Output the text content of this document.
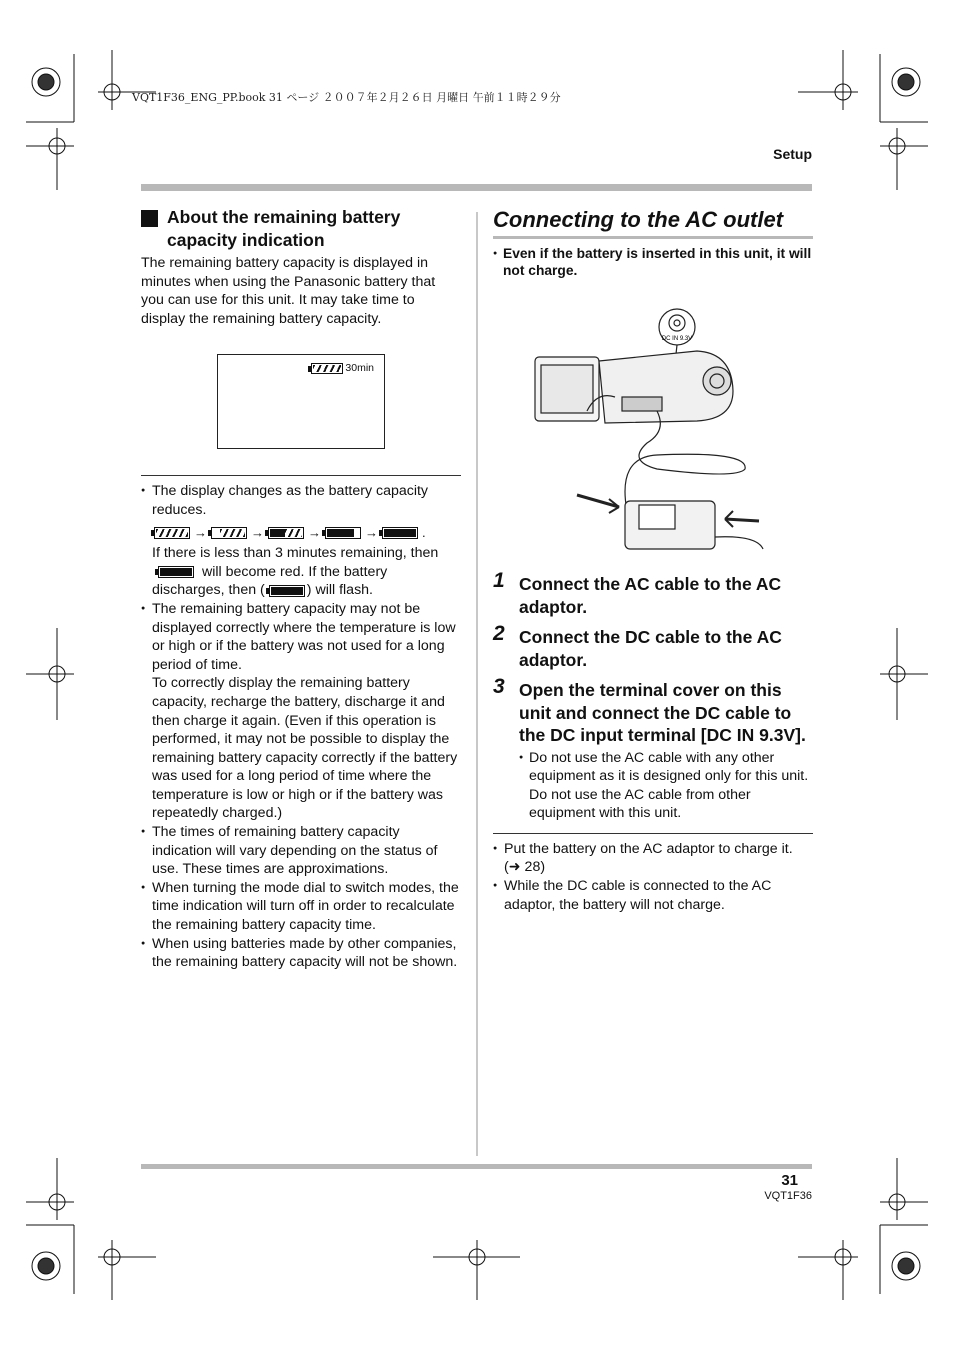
VQT1F36_ENG_PP.book 31 ページ ２００７年２月２６日 月曜日 午前１１時２９分
Setup
About the remaining battery capacity indication

The remaining battery capacity is displayed in minutes when using the Panasonic battery that you can use for this unit. It may take time to display the remaining battery capacity.

30min
● The display changes as the battery capacity reduces.
→	→	→	→	.
If there is less than 3 minutes remaining, then

will become red. If the battery discharges, then (	) will flash.
● The remaining battery capacity may not be displayed correctly where the temperature is low or high or if the battery was not used for a long period of time.
To correctly display the remaining battery capacity, recharge the battery, discharge it and then charge it again. (Even if this operation is performed, it may not be possible to display the remaining battery capacity correctly if the battery was used for a long period of time where the temperature is low or high or if the battery was repeatedly charged.)
● The times of remaining battery capacity indication will vary depending on the status of use. These times are approximations.
● When turning the mode dial to switch modes, the time indication will turn off in order to recalculate the remaining battery capacity time.
● When using batteries made by other companies, the remaining battery capacity will not be shown.
Connecting to the AC outlet
● Even if the battery is inserted in this unit, it will not charge.
DC IN 9.3V
1 Connect the AC cable to the AC adaptor.
2 Connect the DC cable to the AC adaptor.
3 Open the terminal cover on this unit and connect the DC cable to the DC input terminal [DC IN 9.3V].
● Do not use the AC cable with any other equipment as it is designed only for this unit. Do not use the AC cable from other equipment with this unit.
● Put the battery on the AC adaptor to charge it. (➜ 28)
● While the DC cable is connected to the AC adaptor, the battery will not charge.
31
VQT1F36
